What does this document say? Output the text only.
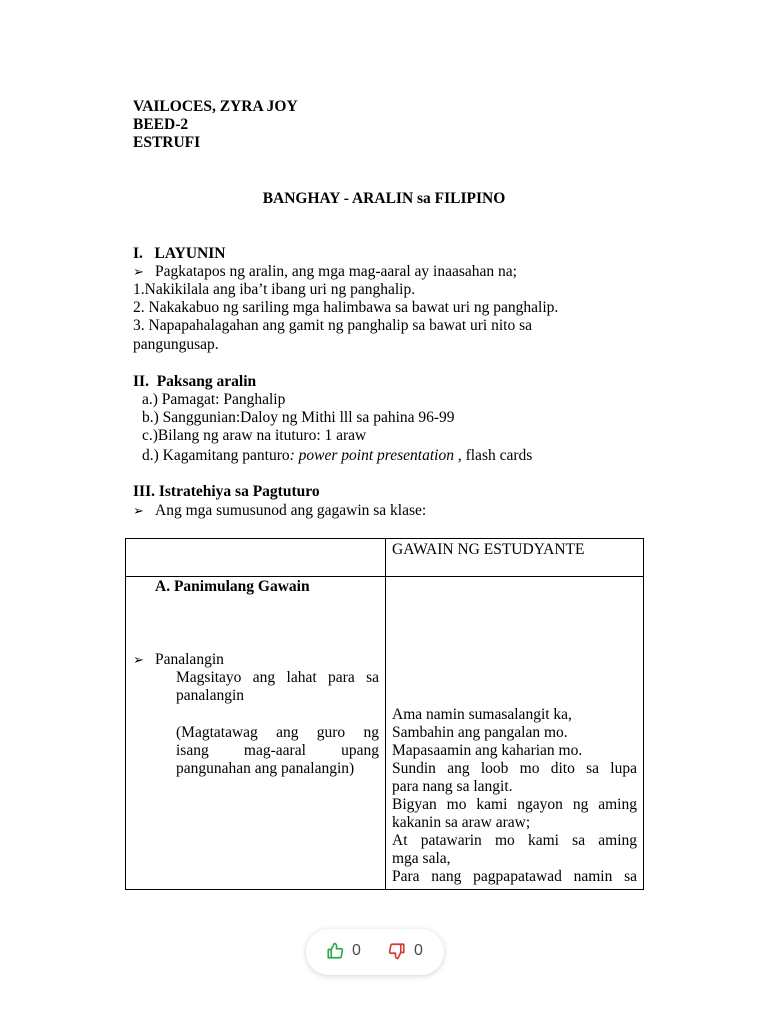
VAILOCES, ZYRA JOY
BEED-2
ESTRUFI
BANGHAY - ARALIN sa FILIPINO
I.   LAYUNIN
➢ Pagkatapos ng aralin, ang mga mag-aaral ay inaasahan na;
1.Nakikilala ang iba’t ibang uri ng panghalip.
2. Nakakabuo ng sariling mga halimbawa sa bawat uri ng panghalip.
3. Napapahalagahan ang gamit ng panghalip sa bawat uri nito sa
pangungusap.
II.  Paksang aralin
a.) Pamagat: Panghalip
b.) Sanggunian:Daloy ng Mithi lll sa pahina 96-99
c.)Bilang ng araw na ituturo: 1 araw
d.) Kagamitang panturo: power point presentation , flash cards
III. Istratehiya sa Pagtuturo
➢ Ang mga sumusunod ang gagawin sa klase:
GAWAIN NG ESTUDYANTE
A. Panimulang Gawain
➢ Panalangin
Magsitayo ang lahat para sa
panalangin
(Magtatawag ang guro ng
isang mag-aaral upang
pangunahan ang panalangin)
Ama namin sumasalangit ka,
Sambahin ang pangalan mo.
Mapasaamin ang kaharian mo.
Sundin ang loob mo dito sa lupa
para nang sa langit.
Bigyan mo kami ngayon ng aming
kakanin sa araw araw;
At patawarin mo kami sa aming
mga sala,
Para nang pagpapatawad namin sa
0	0
